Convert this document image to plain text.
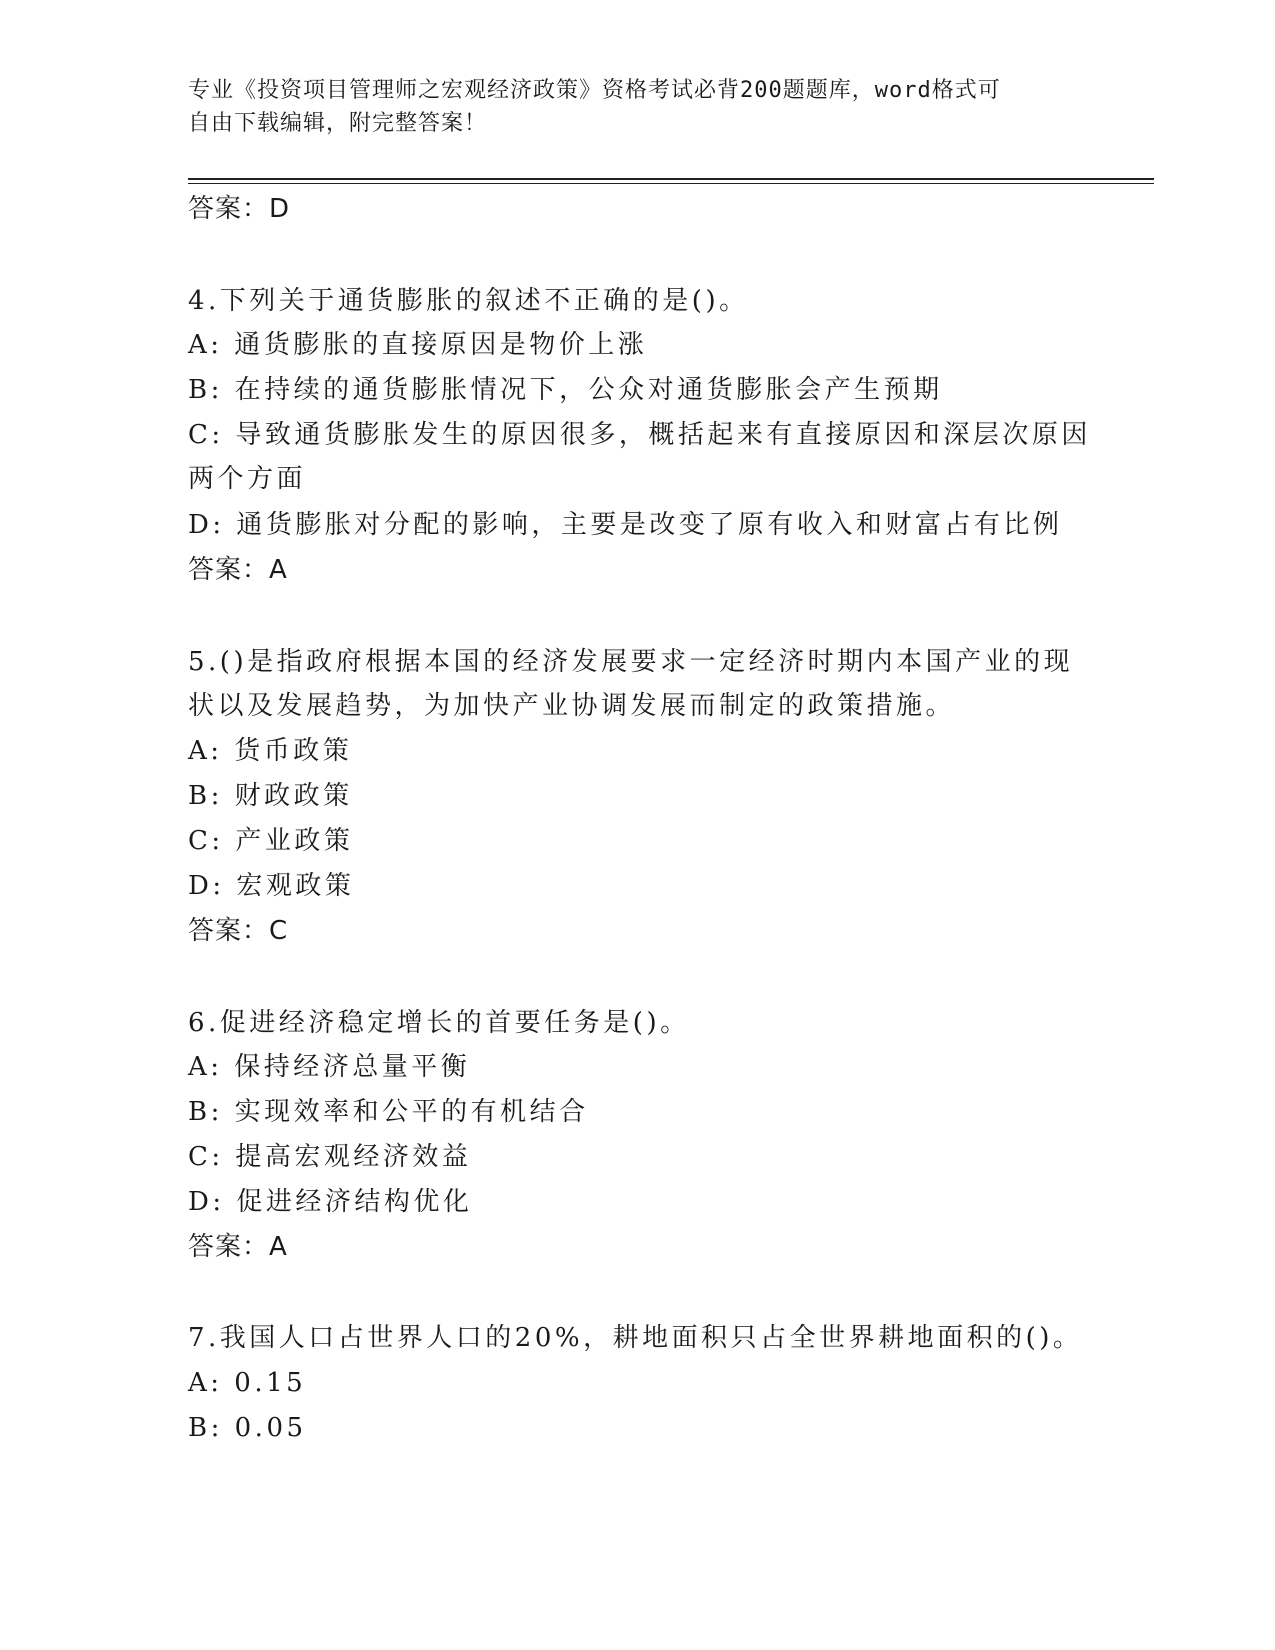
专业《投资项目管理师之宏观经济政策》资格考试必背200题题库，word格式可
自由下载编辑，附完整答案！
答案：D
4.下列关于通货膨胀的叙述不正确的是()。
A: 通货膨胀的直接原因是物价上涨
B: 在持续的通货膨胀情况下，公众对通货膨胀会产生预期
C: 导致通货膨胀发生的原因很多，概括起来有直接原因和深层次原因
两个方面
D: 通货膨胀对分配的影响，主要是改变了原有收入和财富占有比例
答案：A
5.()是指政府根据本国的经济发展要求一定经济时期内本国产业的现
状以及发展趋势，为加快产业协调发展而制定的政策措施。
A: 货币政策
B: 财政政策
C: 产业政策
D: 宏观政策
答案：C
6.促进经济稳定增长的首要任务是()。
A: 保持经济总量平衡
B: 实现效率和公平的有机结合
C: 提高宏观经济效益
D: 促进经济结构优化
答案：A
7.我国人口占世界人口的20%，耕地面积只占全世界耕地面积的()。
A: 0.15
B: 0.05
